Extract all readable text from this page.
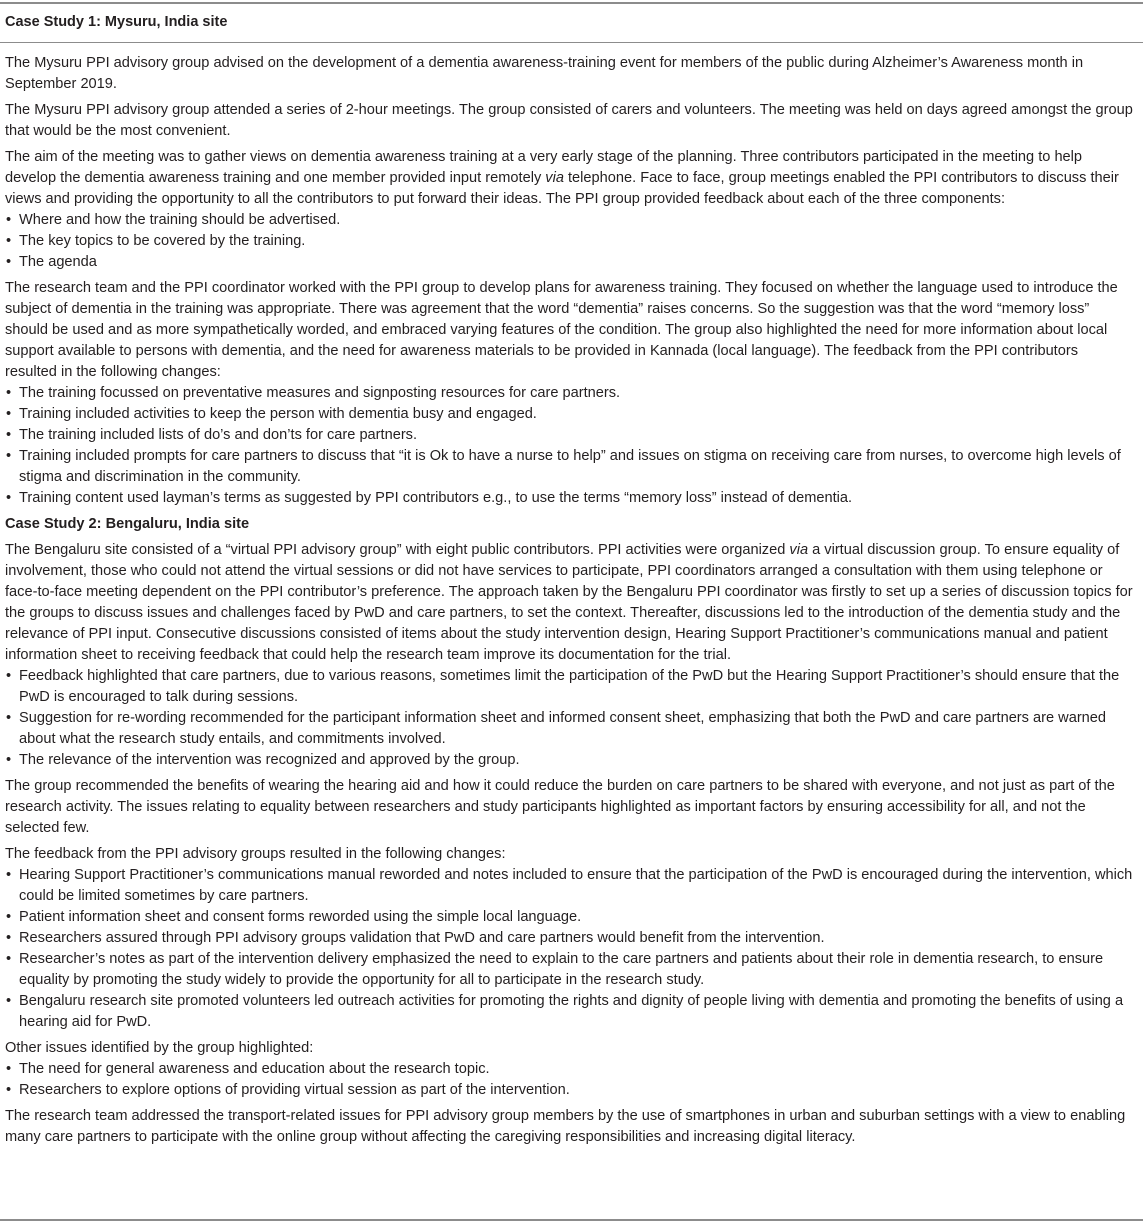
Case Study 1: Mysuru, India site

The Mysuru PPI advisory group advised on the development of a dementia awareness-training event for members of the public during Alzheimer’s Awareness month in September 2019.

The Mysuru PPI advisory group attended a series of 2-hour meetings. The group consisted of carers and volunteers. The meeting was held on days agreed amongst the group that would be the most convenient.

The aim of the meeting was to gather views on dementia awareness training at a very early stage of the planning. Three contributors participated in the meeting to help develop the dementia awareness training and one member provided input remotely via telephone. Face to face, group meetings enabled the PPI contributors to discuss their views and providing the opportunity to all the contributors to put forward their ideas. The PPI group provided feedback about each of the three components:

• Where and how the training should be advertised.
• The key topics to be covered by the training.
• The agenda

The research team and the PPI coordinator worked with the PPI group to develop plans for awareness training. They focused on whether the language used to introduce the subject of dementia in the training was appropriate. There was agreement that the word “dementia” raises concerns. So the suggestion was that the word “memory loss” should be used and as more sympathetically worded, and embraced varying features of the condition. The group also highlighted the need for more information about local support available to persons with dementia, and the need for awareness materials to be provided in Kannada (local language). The feedback from the PPI contributors resulted in the following changes:

• The training focussed on preventative measures and signposting resources for care partners.
• Training included activities to keep the person with dementia busy and engaged.
• The training included lists of do’s and don’ts for care partners.
• Training included prompts for care partners to discuss that “it is Ok to have a nurse to help” and issues on stigma on receiving care from nurses, to overcome high levels of stigma and discrimination in the community.
• Training content used layman’s terms as suggested by PPI contributors e.g., to use the terms “memory loss” instead of dementia.

Case Study 2: Bengaluru, India site

The Bengaluru site consisted of a “virtual PPI advisory group” with eight public contributors. PPI activities were organized via a virtual discussion group. To ensure equality of involvement, those who could not attend the virtual sessions or did not have services to participate, PPI coordinators arranged a consultation with them using telephone or face-to-face meeting dependent on the PPI contributor’s preference. The approach taken by the Bengaluru PPI coordinator was firstly to set up a series of discussion topics for the groups to discuss issues and challenges faced by PwD and care partners, to set the context. Thereafter, discussions led to the introduction of the dementia study and the relevance of PPI input. Consecutive discussions consisted of items about the study intervention design, Hearing Support Practitioner’s communications manual and patient information sheet to receiving feedback that could help the research team improve its documentation for the trial.

• Feedback highlighted that care partners, due to various reasons, sometimes limit the participation of the PwD but the Hearing Support Practitioner’s should ensure that the PwD is encouraged to talk during sessions.
• Suggestion for re-wording recommended for the participant information sheet and informed consent sheet, emphasizing that both the PwD and care partners are warned about what the research study entails, and commitments involved.
• The relevance of the intervention was recognized and approved by the group.

The group recommended the benefits of wearing the hearing aid and how it could reduce the burden on care partners to be shared with everyone, and not just as part of the research activity. The issues relating to equality between researchers and study participants highlighted as important factors by ensuring accessibility for all, and not the selected few.

The feedback from the PPI advisory groups resulted in the following changes:

• Hearing Support Practitioner’s communications manual reworded and notes included to ensure that the participation of the PwD is encouraged during the intervention, which could be limited sometimes by care partners.
• Patient information sheet and consent forms reworded using the simple local language.
• Researchers assured through PPI advisory groups validation that PwD and care partners would benefit from the intervention.
• Researcher’s notes as part of the intervention delivery emphasized the need to explain to the care partners and patients about their role in dementia research, to ensure equality by promoting the study widely to provide the opportunity for all to participate in the research study.
• Bengaluru research site promoted volunteers led outreach activities for promoting the rights and dignity of people living with dementia and promoting the benefits of using a hearing aid for PwD.

Other issues identified by the group highlighted:

• The need for general awareness and education about the research topic.
• Researchers to explore options of providing virtual session as part of the intervention.

The research team addressed the transport-related issues for PPI advisory group members by the use of smartphones in urban and suburban settings with a view to enabling many care partners to participate with the online group without affecting the caregiving responsibilities and increasing digital literacy.
